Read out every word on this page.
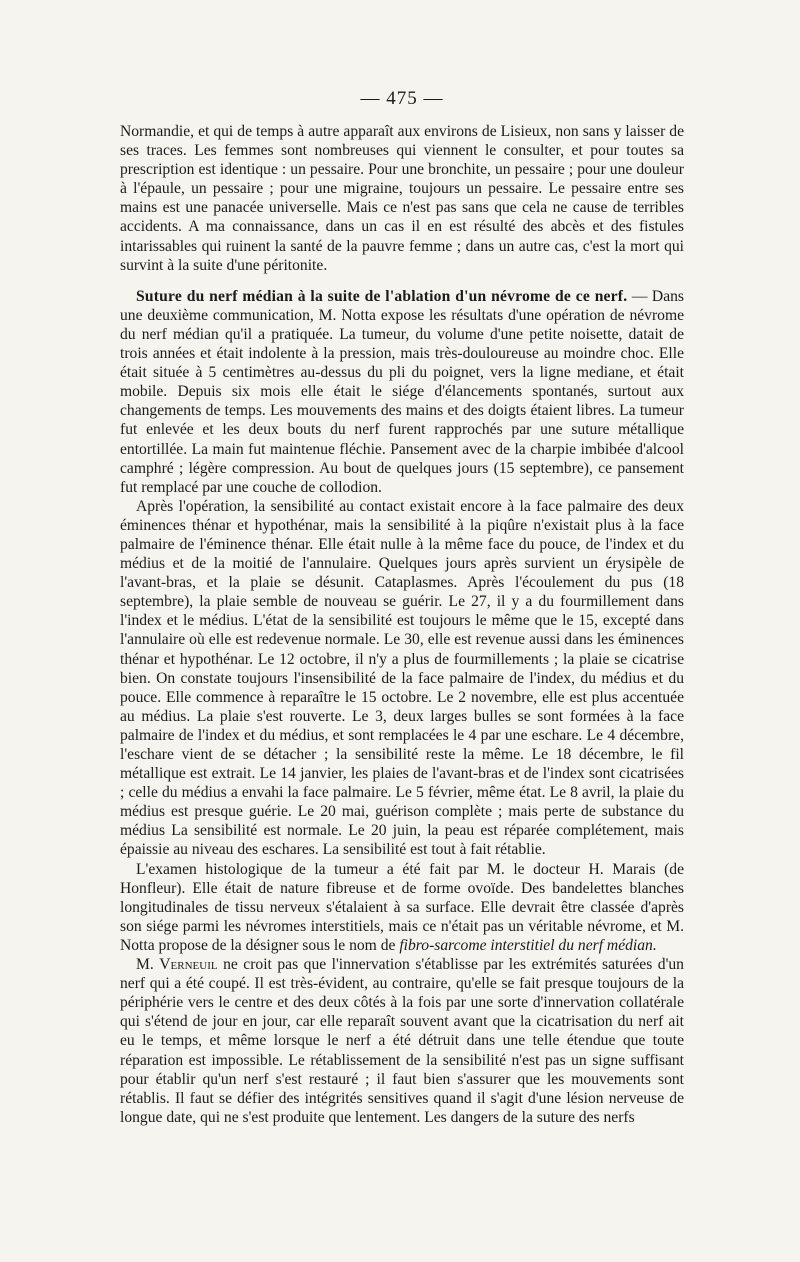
— 475 —

Normandie, et qui de temps à autre apparaît aux environs de Lisieux, non sans y laisser de ses traces. Les femmes sont nombreuses qui viennent le consulter, et pour toutes sa prescription est identique : un pessaire. Pour une bronchite, un pessaire ; pour une douleur à l'épaule, un pessaire ; pour une migraine, toujours un pessaire. Le pessaire entre ses mains est une panacée universelle. Mais ce n'est pas sans que cela ne cause de terribles accidents. A ma connaissance, dans un cas il en est résulté des abcès et des fistules intarissables qui ruinent la santé de la pauvre femme ; dans un autre cas, c'est la mort qui survint à la suite d'une péritonite.

Suture du nerf médian à la suite de l'ablation d'un névrome de ce nerf. — Dans une deuxième communication, M. Notta expose les résultats d'une opération de névrome du nerf médian qu'il a pratiquée. La tumeur, du volume d'une petite noisette, datait de trois années et était indolente à la pression, mais très-douloureuse au moindre choc. Elle était située à 5 centimètres au-dessus du pli du poignet, vers la ligne mediane, et était mobile. Depuis six mois elle était le siége d'élancements spontanés, surtout aux changements de temps. Les mouvements des mains et des doigts étaient libres. La tumeur fut enlevée et les deux bouts du nerf furent rapprochés par une suture métallique entortillée. La main fut maintenue fléchie. Pansement avec de la charpie imbibée d'alcool camphré ; légère compression. Au bout de quelques jours (15 septembre), ce pansement fut remplacé par une couche de collodion.

Après l'opération, la sensibilité au contact existait encore à la face palmaire des deux éminences thénar et hypothénar, mais la sensibilité à la piqûre n'existait plus à la face palmaire de l'éminence thénar. Elle était nulle à la même face du pouce, de l'index et du médius et de la moitié de l'annulaire. Quelques jours après survient un érysipèle de l'avant-bras, et la plaie se désunit. Cataplasmes. Après l'écoulement du pus (18 septembre), la plaie semble de nouveau se guérir. Le 27, il y a du fourmillement dans l'index et le médius. L'état de la sensibilité est toujours le même que le 15, excepté dans l'annulaire où elle est redevenue normale. Le 30, elle est revenue aussi dans les éminences thénar et hypothénar. Le 12 octobre, il n'y a plus de fourmillements ; la plaie se cicatrise bien. On constate toujours l'insensibilité de la face palmaire de l'index, du médius et du pouce. Elle commence à reparaître le 15 octobre. Le 2 novembre, elle est plus accentuée au médius. La plaie s'est rouverte. Le 3, deux larges bulles se sont formées à la face palmaire de l'index et du médius, et sont remplacées le 4 par une eschare. Le 4 décembre, l'eschare vient de se détacher ; la sensibilité reste la même. Le 18 décembre, le fil métallique est extrait. Le 14 janvier, les plaies de l'avant-bras et de l'index sont cicatrisées ; celle du médius a envahi la face palmaire. Le 5 février, même état. Le 8 avril, la plaie du médius est presque guérie. Le 20 mai, guérison complète ; mais perte de substance du médius La sensibilité est normale. Le 20 juin, la peau est réparée complétement, mais épaissie au niveau des eschares. La sensibilité est tout à fait rétablie.

L'examen histologique de la tumeur a été fait par M. le docteur H. Marais (de Honfleur). Elle était de nature fibreuse et de forme ovoïde. Des bandelettes blanches longitudinales de tissu nerveux s'étalaient à sa surface. Elle devrait être classée d'après son siége parmi les névromes interstitiels, mais ce n'était pas un véritable névrome, et M. Notta propose de la désigner sous le nom de fibro-sarcome interstitiel du nerf médian.

M. Verneuil ne croit pas que l'innervation s'établisse par les extrémités saturées d'un nerf qui a été coupé. Il est très-évident, au contraire, qu'elle se fait presque toujours de la périphérie vers le centre et des deux côtés à la fois par une sorte d'innervation collatérale qui s'étend de jour en jour, car elle reparaît souvent avant que la cicatrisation du nerf ait eu le temps, et même lorsque le nerf a été détruit dans une telle étendue que toute réparation est impossible. Le rétablissement de la sensibilité n'est pas un signe suffisant pour établir qu'un nerf s'est restauré ; il faut bien s'assurer que les mouvements sont rétablis. Il faut se défier des intégrités sensitives quand il s'agit d'une lésion nerveuse de longue date, qui ne s'est produite que lentement. Les dangers de la suture des nerfs
